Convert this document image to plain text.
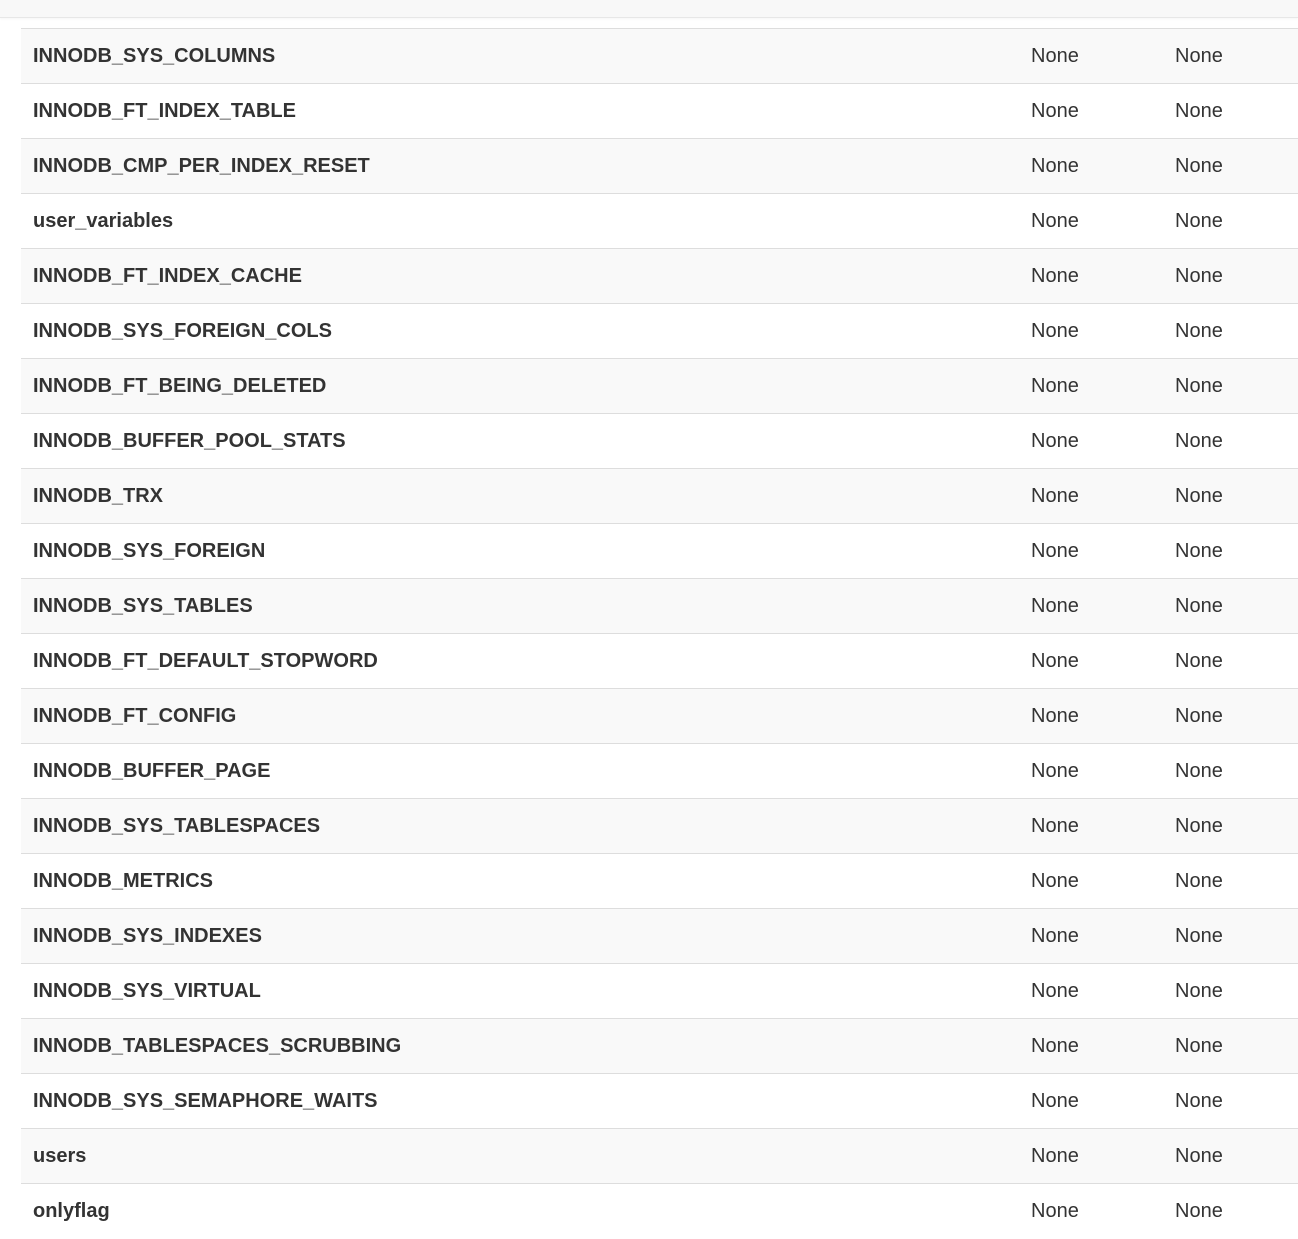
INNODB_SYS_COLUMNS	None	None
INNODB_FT_INDEX_TABLE	None	None
INNODB_CMP_PER_INDEX_RESET	None	None
user_variables	None	None
INNODB_FT_INDEX_CACHE	None	None
INNODB_SYS_FOREIGN_COLS	None	None
INNODB_FT_BEING_DELETED	None	None
INNODB_BUFFER_POOL_STATS	None	None
INNODB_TRX	None	None
INNODB_SYS_FOREIGN	None	None
INNODB_SYS_TABLES	None	None
INNODB_FT_DEFAULT_STOPWORD	None	None
INNODB_FT_CONFIG	None	None
INNODB_BUFFER_PAGE	None	None
INNODB_SYS_TABLESPACES	None	None
INNODB_METRICS	None	None
INNODB_SYS_INDEXES	None	None
INNODB_SYS_VIRTUAL	None	None
INNODB_TABLESPACES_SCRUBBING	None	None
INNODB_SYS_SEMAPHORE_WAITS	None	None
users	None	None
onlyflag	None	None
